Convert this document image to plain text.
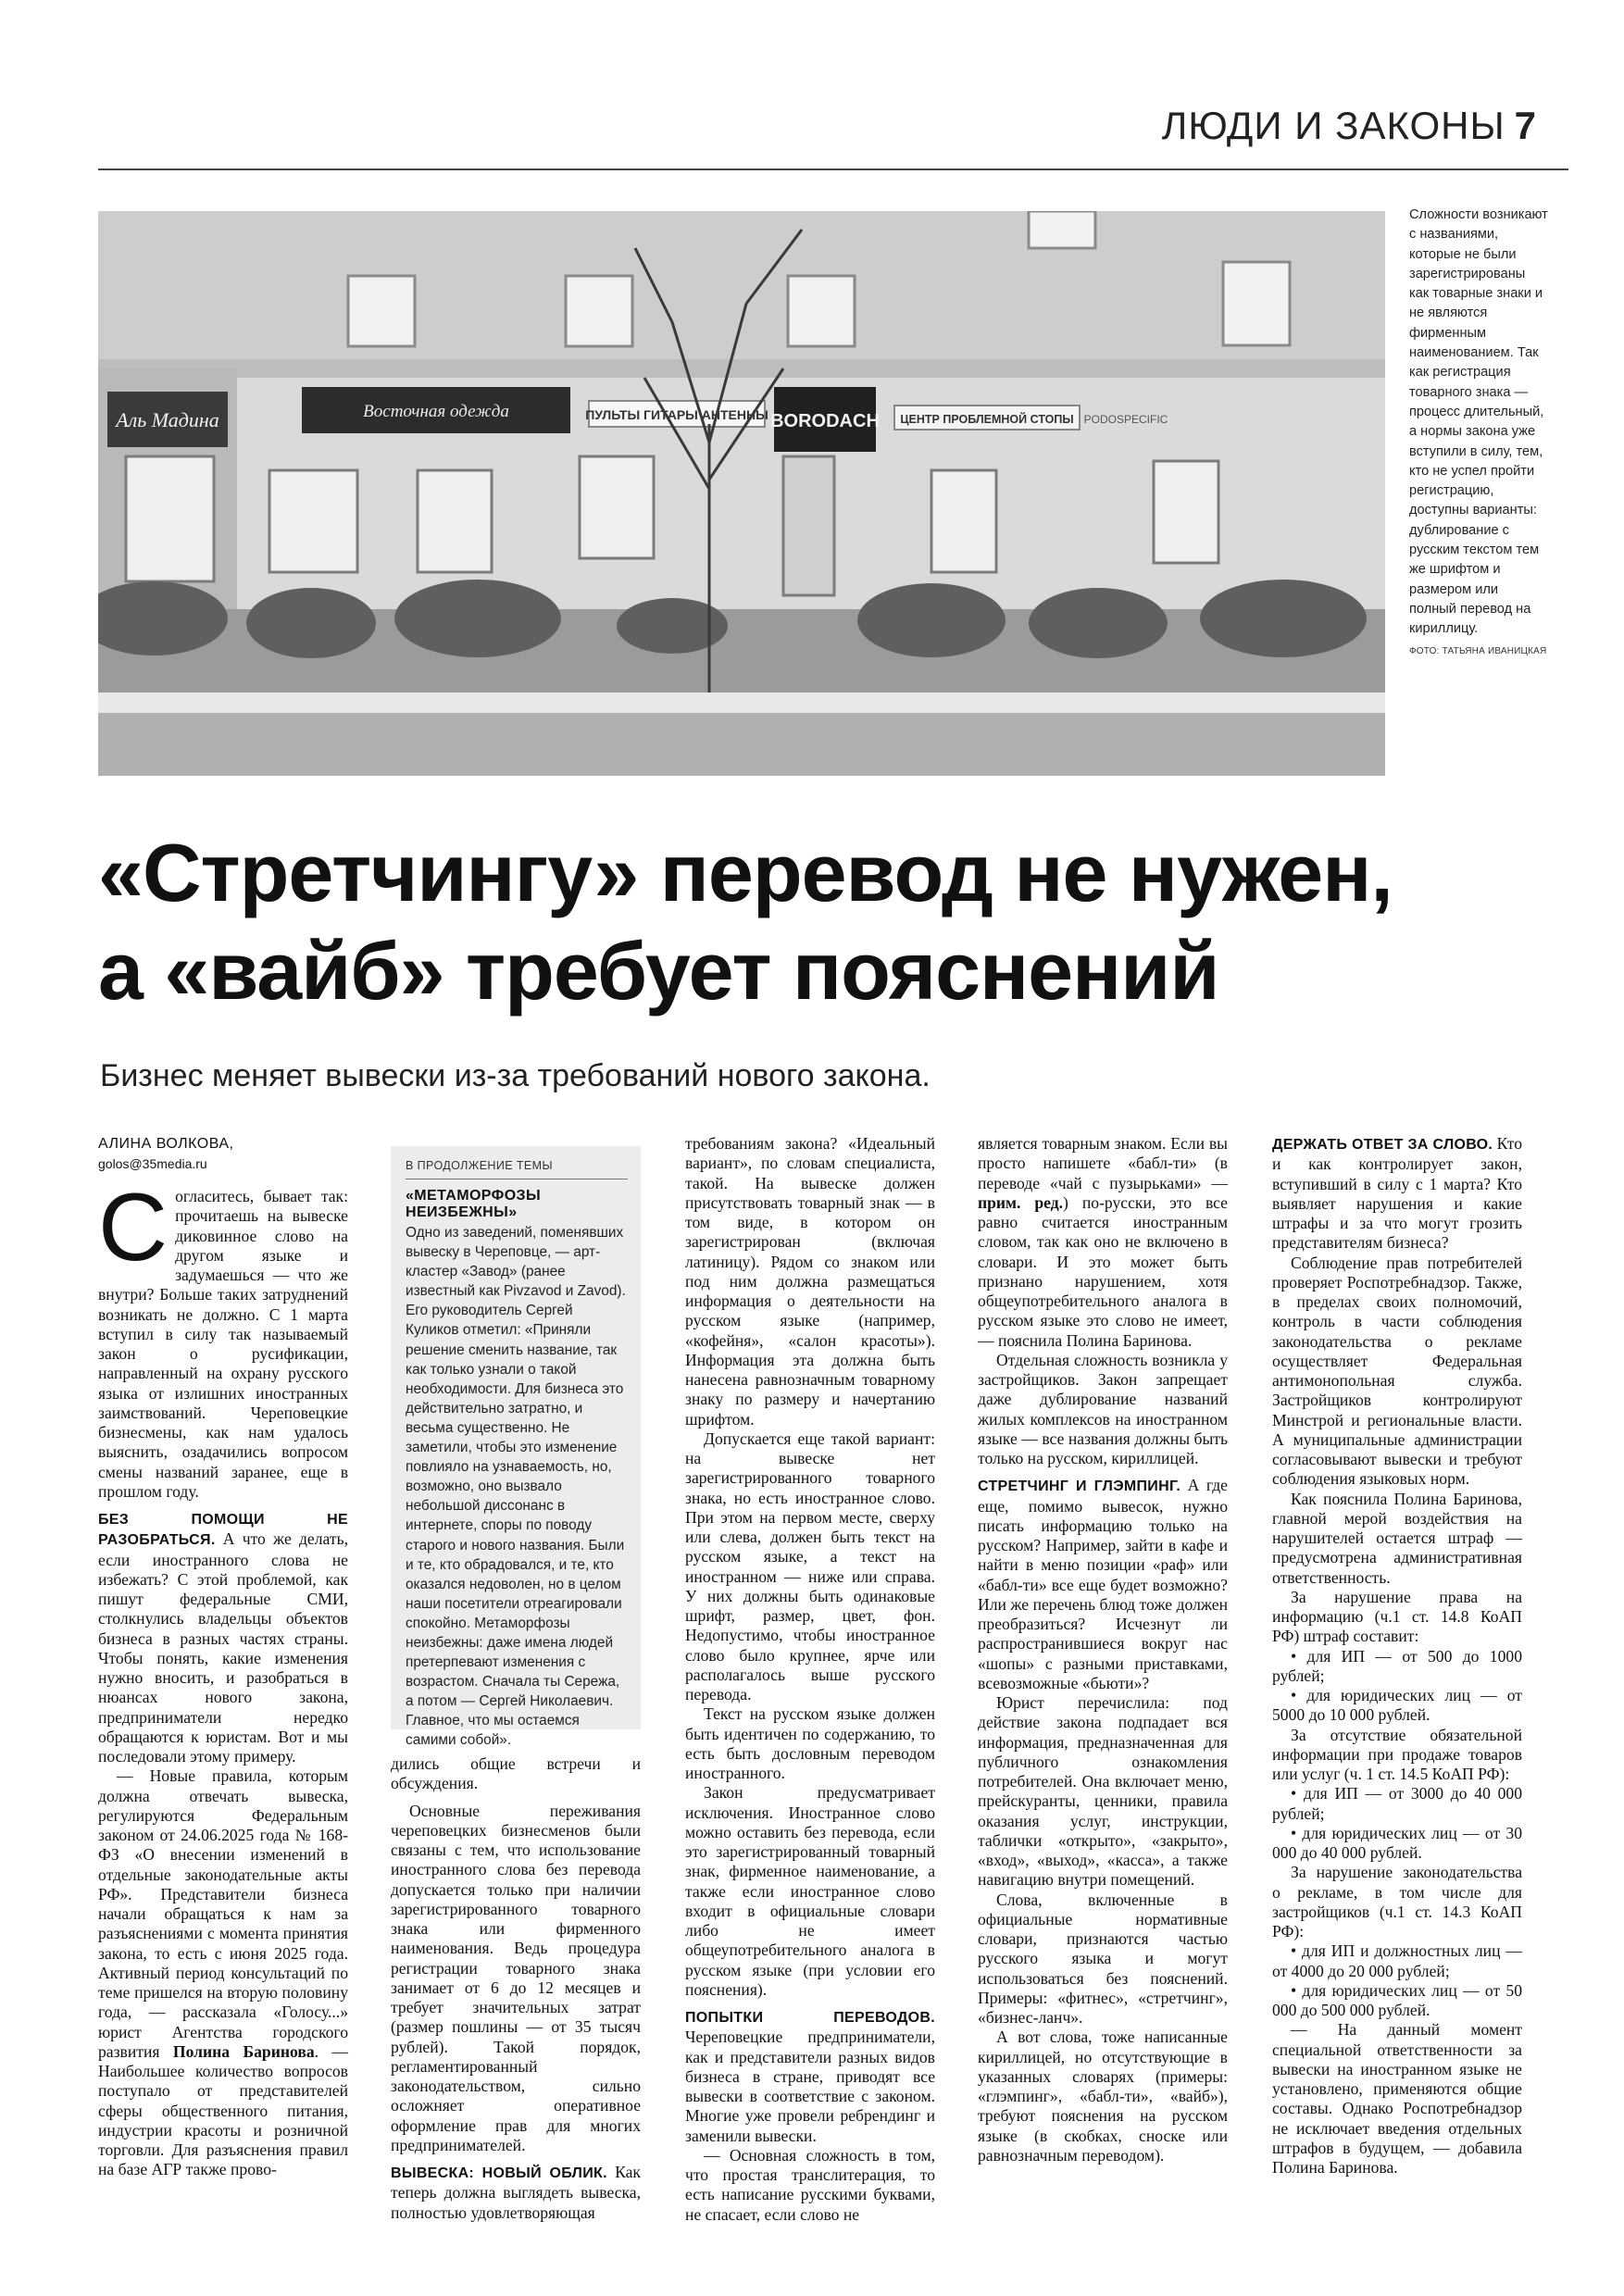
ЛЮДИ И ЗАКОНЫ 7
Аль Мадина	Восточная одежда	ПУЛЬТЫ ГИТАРЫ АНТЕННЫ BORODACH ЦЕНТР ПРОБЛЕМНОЙ СТОПЫ PODOSPECIFIC
Сложности возникают с названиями, которые не были зарегистрированы как товарные знаки и не являются фирменным наименованием. Так как регистрация товарного знака — процесс длительный, а нормы закона уже вступили в силу, тем, кто не успел пройти регистрацию, доступны варианты: дублирование с русским текстом тем же шрифтом и размером или полный перевод на кириллицу.
ФОТО: ТАТЬЯНА ИВАНИЦКАЯ
«Стретчингу» перевод не нужен,
а «вайб» требует пояснений
Бизнес меняет вывески из-за требований нового закона.
АЛИНА ВОЛКОВА,
golos@35media.ru

Согласитесь, бывает так: прочитаешь на вывеске диковинное слово на другом языке и задумаешься — что же внутри? Больше таких затруднений возникать не должно. С 1 марта вступил в силу так называемый закон о русификации, направленный на охрану русского языка от излишних иностранных заимствований. Череповецкие бизнесмены, как нам удалось выяснить, озадачились вопросом смены названий заранее, еще в прошлом году.

БЕЗ ПОМОЩИ НЕ РАЗОБРАТЬСЯ. А что же делать, если иностранного слова не избежать? С этой проблемой, как пишут федеральные СМИ, столкнулись владельцы объектов бизнеса в разных частях страны. Чтобы понять, какие изменения нужно вносить, и разобраться в нюансах нового закона, предприниматели нередко обращаются к юристам. Вот и мы последовали этому примеру.

— Новые правила, которым должна отвечать вывеска, регулируются Федеральным законом от 24.06.2025 года № 168-ФЗ «О внесении изменений в отдельные законодательные акты РФ». Представители бизнеса начали обращаться к нам за разъяснениями с момента принятия закона, то есть с июня 2025 года. Активный период консультаций по теме пришелся на вторую половину года, — рассказала «Голосу...» юрист Агентства городского развития Полина Баринова. — Наибольшее количество вопросов поступало от представителей сферы общественного питания, индустрии красоты и розничной торговли. Для разъяснения правил на базе АГР также прово-

В ПРОДОЛЖЕНИЕ ТЕМЫ
«МЕТАМОРФОЗЫ НЕИЗБЕЖНЫ»
Одно из заведений, поменявших вывеску в Череповце, — арт-кластер «Завод» (ранее известный как Pivzavod и Zavod). Его руководитель Сергей Куликов отметил: «Приняли решение сменить название, так как только узнали о такой необходимости. Для бизнеса это действительно затратно, и весьма существенно. Не заметили, чтобы это изменение повлияло на узнаваемость, но, возможно, оно вызвало небольшой диссонанс в интернете, споры по поводу старого и нового названия. Были и те, кто обрадовался, и те, кто оказался недоволен, но в целом наши посетители отреагировали спокойно. Метаморфозы неизбежны: даже имена людей претерпевают изменения с возрастом. Сначала ты Сережа, а потом — Сергей Николаевич. Главное, что мы остаемся самими собой».

дились общие встречи и обсуждения.

Основные переживания череповецких бизнесменов были связаны с тем, что использование иностранного слова без перевода допускается только при наличии зарегистрированного товарного знака или фирменного наименования. Ведь процедура регистрации товарного знака занимает от 6 до 12 месяцев и требует значительных затрат (размер пошлины — от 35 тысяч рублей). Такой порядок, регламентированный законодательством, сильно осложняет оперативное оформление прав для многих предпринимателей.

ВЫВЕСКА: НОВЫЙ ОБЛИК. Как теперь должна выглядеть вывеска, полностью удовлетворяющая

требованиям закона? «Идеальный вариант», по словам специалиста, такой. На вывеске должен присутствовать товарный знак — в том виде, в котором он зарегистрирован (включая латиницу). Рядом со знаком или под ним должна размещаться информация о деятельности на русском языке (например, «кофейня», «салон красоты»). Информация эта должна быть нанесена равнозначным товарному знаку по размеру и начертанию шрифтом.

Допускается еще такой вариант: на вывеске нет зарегистрированного товарного знака, но есть иностранное слово. При этом на первом месте, сверху или слева, должен быть текст на русском языке, а текст на иностранном — ниже или справа. У них должны быть одинаковые шрифт, размер, цвет, фон. Недопустимо, чтобы иностранное слово было крупнее, ярче или располагалось выше русского перевода.

Текст на русском языке должен быть идентичен по содержанию, то есть быть дословным переводом иностранного.

Закон предусматривает исключения. Иностранное слово можно оставить без перевода, если это зарегистрированный товарный знак, фирменное наименование, а также если иностранное слово входит в официальные словари либо не имеет общеупотребительного аналога в русском языке (при условии его пояснения).

ПОПЫТКИ ПЕРЕВОДОВ. Череповецкие предприниматели, как и представители разных видов бизнеса в стране, приводят все вывески в соответствие с законом. Многие уже провели ребрендинг и заменили вывески.

— Основная сложность в том, что простая транслитерация, то есть написание русскими буквами, не спасает, если слово не

является товарным знаком. Если вы просто напишете «бабл-ти» (в переводе «чай с пузырьками» — прим. ред.) по-русски, это все равно считается иностранным словом, так как оно не включено в словари. И это может быть признано нарушением, хотя общеупотребительного аналога в русском языке это слово не имеет, — пояснила Полина Баринова.

Отдельная сложность возникла у застройщиков. Закон запрещает даже дублирование названий жилых комплексов на иностранном языке — все названия должны быть только на русском, кириллицей.

СТРЕТЧИНГ И ГЛЭМПИНГ. А где еще, помимо вывесок, нужно писать информацию только на русском? Например, зайти в кафе и найти в меню позиции «раф» или «бабл-ти» все еще будет возможно? Или же перечень блюд тоже должен преобразиться? Исчезнут ли распространившиеся вокруг нас «шопы» с разными приставками, всевозможные «бьюти»?

Юрист перечислила: под действие закона подпадает вся информация, предназначенная для публичного ознакомления потребителей. Она включает меню, прейскуранты, ценники, правила оказания услуг, инструкции, таблички «открыто», «закрыто», «вход», «выход», «касса», а также навигацию внутри помещений.

Слова, включенные в официальные нормативные словари, признаются частью русского языка и могут использоваться без пояснений. Примеры: «фитнес», «стретчинг», «бизнес-ланч».

А вот слова, тоже написанные кириллицей, но отсутствующие в указанных словарях (примеры: «глэмпинг», «бабл-ти», «вайб»), требуют пояснения на русском языке (в скобках, сноске или равнозначным переводом).

ДЕРЖАТЬ ОТВЕТ ЗА СЛОВО. Кто и как контролирует закон, вступивший в силу с 1 марта? Кто выявляет нарушения и какие штрафы и за что могут грозить представителям бизнеса?

Соблюдение прав потребителей проверяет Роспотребнадзор. Также, в пределах своих полномочий, контроль в части соблюдения законодательства о рекламе осуществляет Федеральная антимонопольная служба. Застройщиков контролируют Минстрой и региональные власти. А муниципальные администрации согласовывают вывески и требуют соблюдения языковых норм.

Как пояснила Полина Баринова, главной мерой воздействия на нарушителей остается штраф — предусмотрена административная ответственность.

За нарушение права на информацию (ч.1 ст. 14.8 КоАП РФ) штраф составит:

• для ИП — от 500 до 1000 рублей;

• для юридических лиц — от 5000 до 10 000 рублей.

За отсутствие обязательной информации при продаже товаров или услуг (ч. 1 ст. 14.5 КоАП РФ):

• для ИП — от 3000 до 40 000 рублей;

• для юридических лиц — от 30 000 до 40 000 рублей.

За нарушение законодательства о рекламе, в том числе для застройщиков (ч.1 ст. 14.3 КоАП РФ):

• для ИП и должностных лиц — от 4000 до 20 000 рублей;

• для юридических лиц — от 50 000 до 500 000 рублей.

— На данный момент специальной ответственности за вывески на иностранном языке не установлено, применяются общие составы. Однако Роспотребнадзор не исключает введения отдельных штрафов в будущем, — добавила Полина Баринова.
